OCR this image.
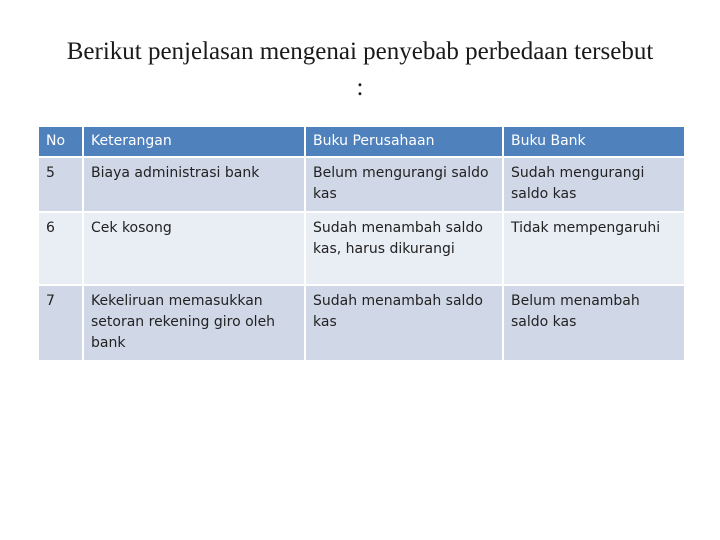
Berikut penjelasan mengenai penyebab perbedaan tersebut
:
No	Keterangan	Buku Perusahaan	Buku Bank
5	Biaya administrasi bank	Belum mengurangi saldo kas	Sudah mengurangi saldo kas
6	Cek kosong	Sudah menambah saldo kas, harus dikurangi	Tidak mempengaruhi
7	Kekeliruan memasukkan setoran rekening giro oleh bank	Sudah menambah saldo kas	Belum menambah saldo kas
